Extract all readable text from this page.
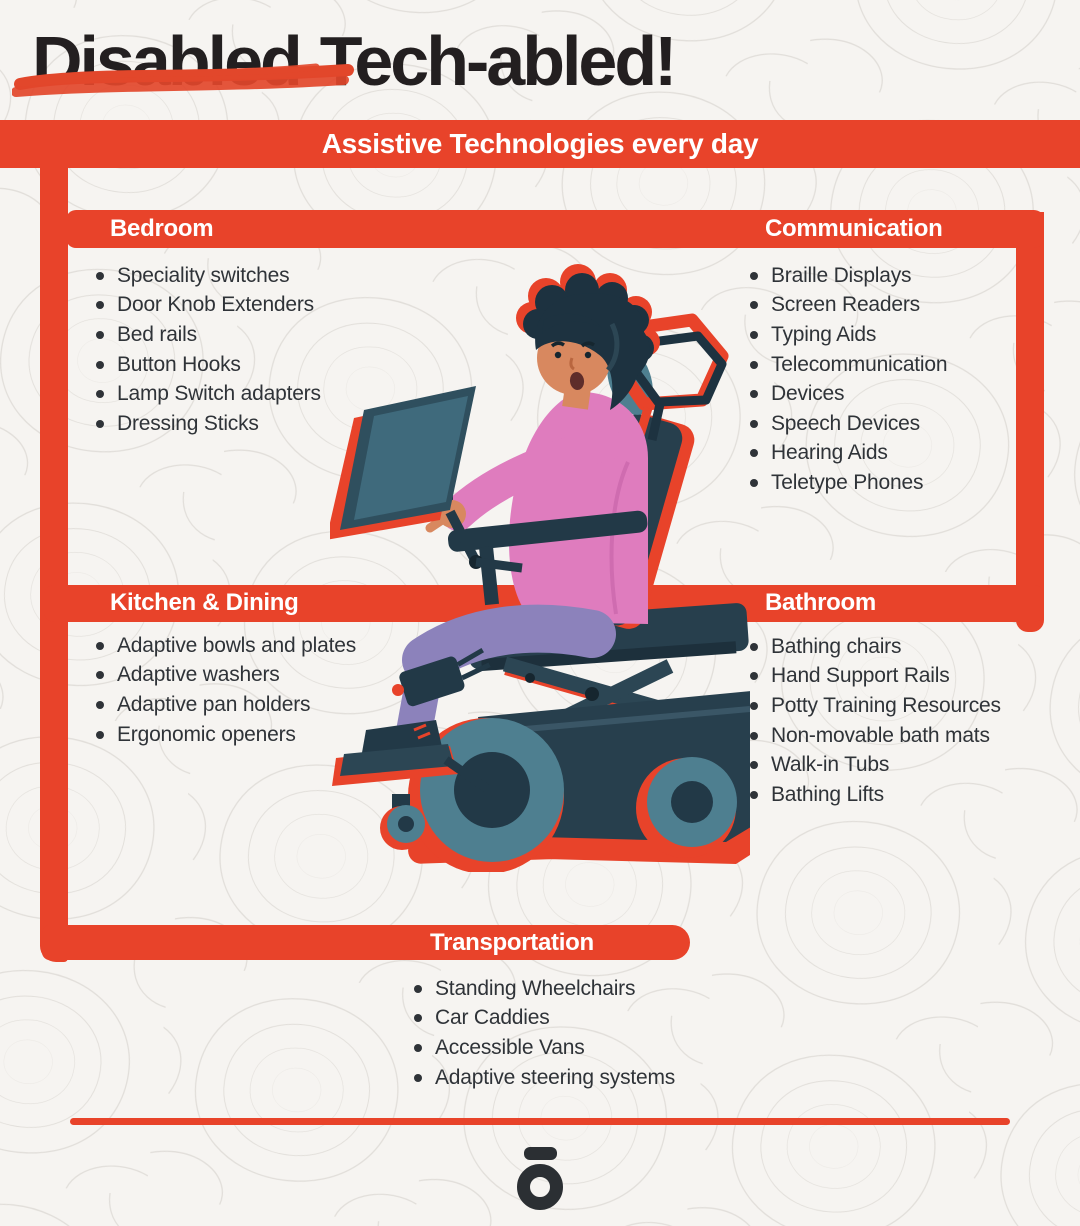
Disabled Tech-abled!
Assistive Technologies every day
Bedroom	Communication
Kitchen & Dining	Bathroom
Transportation
Speciality switches
Door Knob Extenders
Bed rails
Button Hooks
Lamp Switch adapters
Dressing Sticks
Braille Displays
Screen Readers
Typing Aids
Telecommunication
Devices
Speech Devices
Hearing Aids
Teletype Phones
Adaptive bowls and plates
Adaptive washers
Adaptive pan holders
Ergonomic openers
Bathing chairs
Hand Support Rails
Potty Training Resources
Non-movable bath mats
Walk-in Tubs
Bathing Lifts
Standing Wheelchairs
Car Caddies
Accessible Vans
Adaptive steering systems
